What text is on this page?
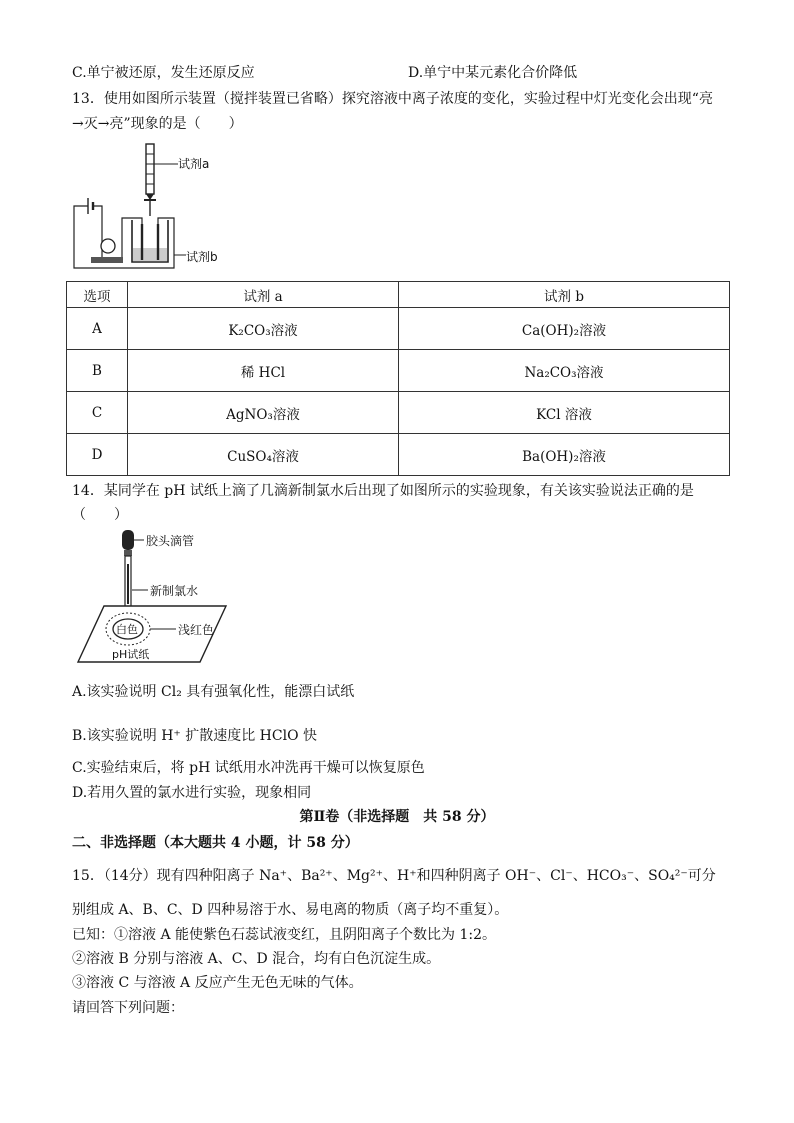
C.单宁被还原，发生还原反应	D.单宁中某元素化合价降低
13．使用如图所示装置（搅拌装置已省略）探究溶液中离子浓度的变化，实验过程中灯光变化会出现“亮
→灭→亮”现象的是（　　）
试剂a
试剂b
选项	试剂 a	试剂 b
A	K₂CO₃溶液	Ca(OH)₂溶液
B	稀 HCl	Na₂CO₃溶液
C	AgNO₃溶液	KCl 溶液
D	CuSO₄溶液	Ba(OH)₂溶液
14．某同学在 pH 试纸上滴了几滴新制氯水后出现了如图所示的实验现象，有关该实验说法正确的是
（　　）
胶头滴管
新制氯水
白色	浅红色
pH试纸
A.该实验说明 Cl₂ 具有强氧化性，能漂白试纸
B.该实验说明 H⁺ 扩散速度比 HClO 快
C.实验结束后，将 pH 试纸用水冲洗再干燥可以恢复原色
D.若用久置的氯水进行实验，现象相同
第Ⅱ卷（非选择题　共 58 分）
二、非选择题（本大题共 4 小题，计 58 分）
15．（14分）现有四种阳离子 Na⁺、Ba²⁺、Mg²⁺、H⁺和四种阴离子 OH⁻、Cl⁻、HCO₃⁻、SO₄²⁻可分
别组成 A、B、C、D 四种易溶于水、易电离的物质（离子均不重复）。
已知：①溶液 A 能使紫色石蕊试液变红，且阴阳离子个数比为 1:2。
②溶液 B 分别与溶液 A、C、D 混合，均有白色沉淀生成。
③溶液 C 与溶液 A 反应产生无色无味的气体。
请回答下列问题：
